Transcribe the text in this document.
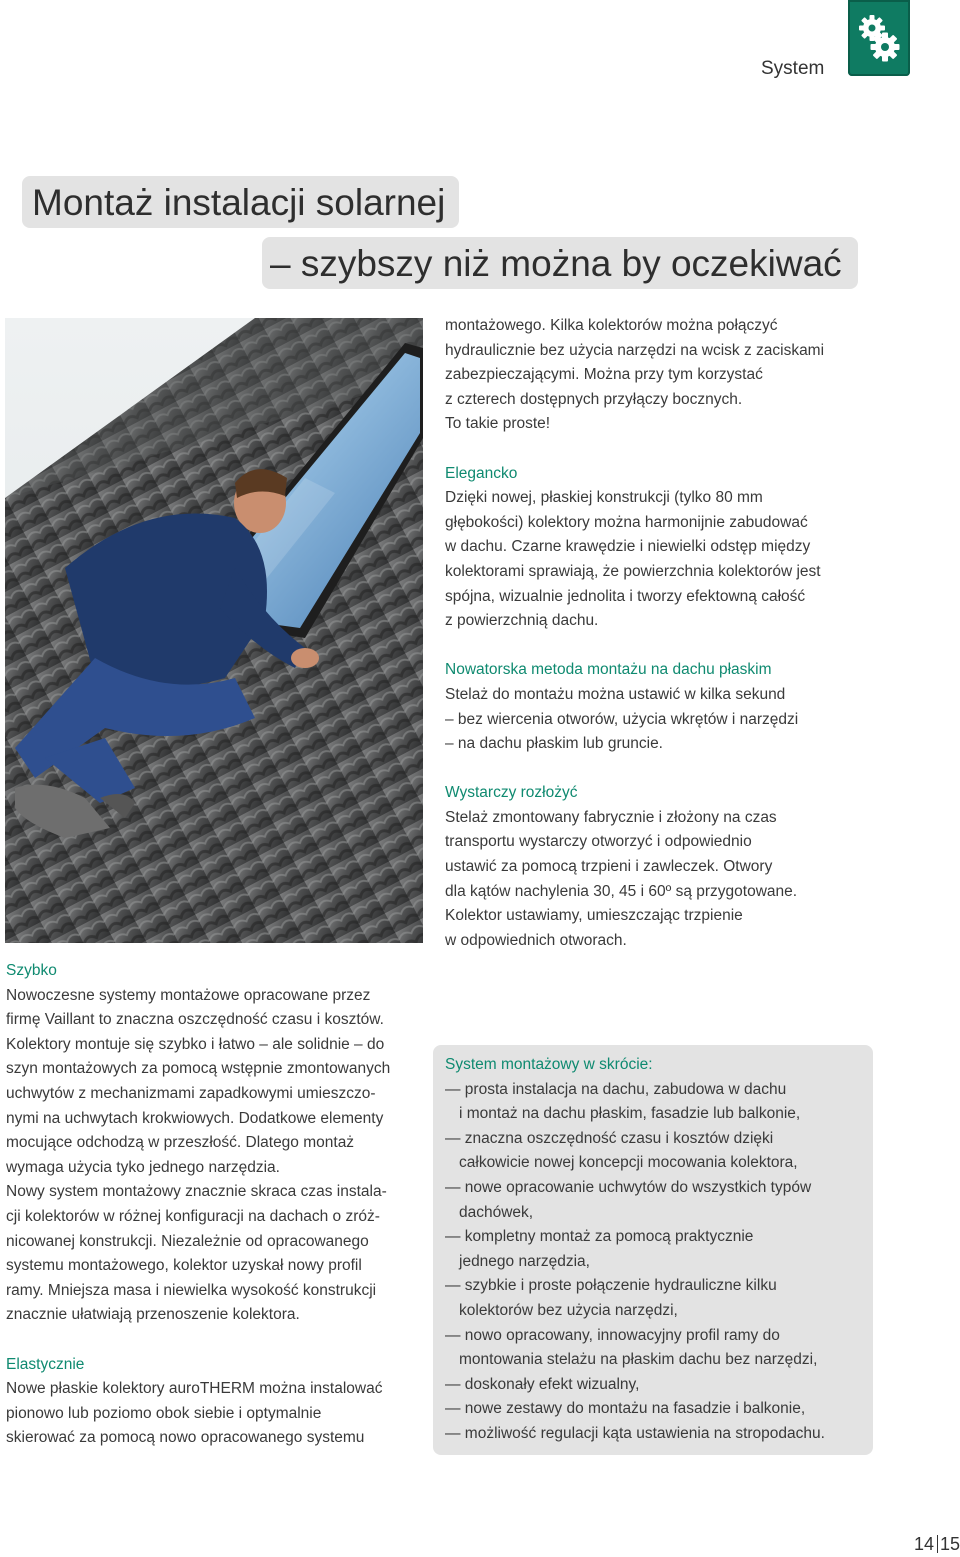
System
Montaż instalacji solarnej
– szybszy niż można by oczekiwać
montażowego. Kilka kolektorów można połączyć
hydraulicznie bez użycia narzędzi na wcisk z zaciskami
zabezpieczającymi. Można przy tym korzystać
z czterech dostępnych przyłączy bocznych.
To takie proste!
Elegancko
Dzięki nowej, płaskiej konstrukcji (tylko 80 mm
głębokości) kolektory można harmonijnie zabudować
w dachu. Czarne krawędzie i niewielki odstęp między
kolektorami sprawiają, że powierzchnia kolektorów jest
spójna, wizualnie jednolita i tworzy efektowną całość
z powierzchnią dachu.
Nowatorska metoda montażu na dachu płaskim
Stelaż do montażu można ustawić w kilka sekund
– bez wiercenia otworów, użycia wkrętów i narzędzi
– na dachu płaskim lub gruncie.
Wystarczy rozłożyć
Stelaż zmontowany fabrycznie i złożony na czas
transportu wystarczy otworzyć i odpowiednio
ustawić za pomocą trzpieni i zawleczek. Otwory
dla kątów nachylenia 30, 45 i 60º są przygotowane.
Kolektor ustawiamy, umieszczając trzpienie
w odpowiednich otworach.
Szybko
Nowoczesne systemy montażowe opracowane przez
firmę Vaillant to znaczna oszczędność czasu i kosztów.
Kolektory montuje się szybko i łatwo – ale solidnie – do
szyn montażowych za pomocą wstępnie zmontowanych
uchwytów z mechanizmami zapadkowymi umieszczo-
nymi na uchwytach krokwiowych. Dodatkowe elementy
mocujące odchodzą w przeszłość. Dlatego montaż
wymaga użycia tyko jednego narzędzia.
Nowy system montażowy znacznie skraca czas instala-
cji kolektorów w różnej konfiguracji na dachach o zróż-
nicowanej konstrukcji. Niezależnie od opracowanego
systemu montażowego, kolektor uzyskał nowy profil
ramy. Mniejsza masa i niewielka wysokość konstrukcji
znacznie ułatwiają przenoszenie kolektora.
Elastycznie
Nowe płaskie kolektory auroTHERM można instalować
pionowo lub poziomo obok siebie i optymalnie
skierować za pomocą nowo opracowanego systemu
System montażowy w skrócie:
— prosta instalacja na dachu, zabudowa w dachu
i montaż na dachu płaskim, fasadzie lub balkonie,
— znaczna oszczędność czasu i kosztów dzięki
całkowicie nowej koncepcji mocowania kolektora,
— nowe opracowanie uchwytów do wszystkich typów
dachówek,
— kompletny montaż za pomocą praktycznie
jednego narzędzia,
— szybkie i proste połączenie hydrauliczne kilku
kolektorów bez użycia narzędzi,
— nowo opracowany, innowacyjny profil ramy do
montowania stelażu na płaskim dachu bez narzędzi,
— doskonały efekt wizualny,
— nowe zestawy do montażu na fasadzie i balkonie,
— możliwość regulacji kąta ustawienia na stropodachu.
14 15
